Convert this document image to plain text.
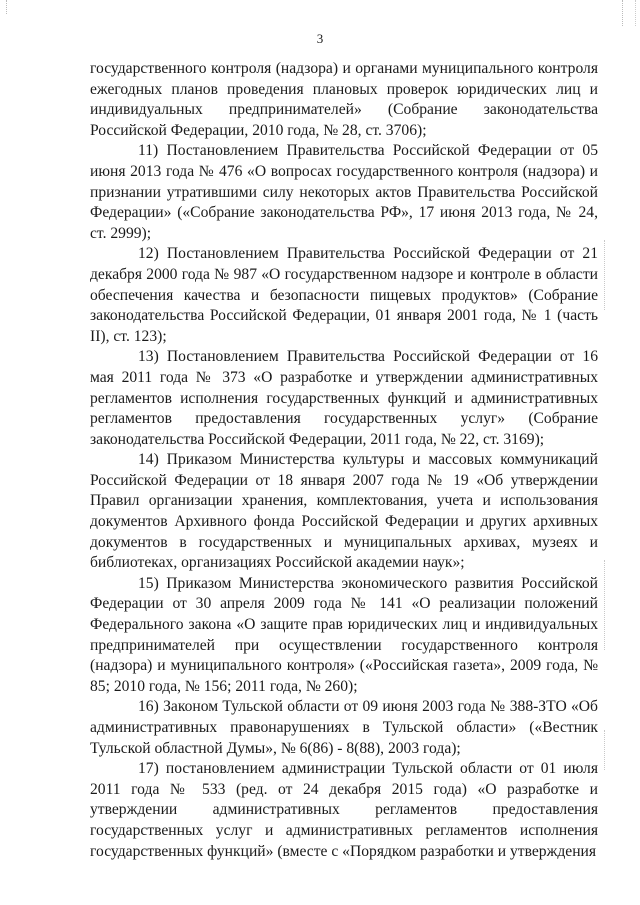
3

государственного контроля (надзора) и органами муниципального контроля ежегодных планов проведения плановых проверок юридических лиц и индивидуальных предпринимателей» (Собрание законодательства Российской Федерации, 2010 года, № 28, ст. 3706);

11) Постановлением Правительства Российской Федерации от 05 июня 2013 года № 476 «О вопросах государственного контроля (надзора) и признании утратившими силу некоторых актов Правительства Российской Федерации» («Собрание законодательства РФ», 17 июня 2013 года, № 24, ст. 2999);

12) Постановлением Правительства Российской Федерации от 21 декабря 2000 года № 987 «О государственном надзоре и контроле в области обеспечения качества и безопасности пищевых продуктов» (Собрание законодательства Российской Федерации, 01 января 2001 года, № 1 (часть II), ст. 123);

13) Постановлением Правительства Российской Федерации от 16 мая 2011 года № 373 «О разработке и утверждении административных регламентов исполнения государственных функций и административных регламентов предоставления государственных услуг» (Собрание законодательства Российской Федерации, 2011 года, № 22, ст. 3169);

14) Приказом Министерства культуры и массовых коммуникаций Российской Федерации от 18 января 2007 года № 19 «Об утверждении Правил организации хранения, комплектования, учета и использования документов Архивного фонда Российской Федерации и других архивных документов в государственных и муниципальных архивах, музеях и библиотеках, организациях Российской академии наук»;

15) Приказом Министерства экономического развития Российской Федерации от 30 апреля 2009 года № 141 «О реализации положений Федерального закона «О защите прав юридических лиц и индивидуальных предпринимателей при осуществлении государственного контроля (надзора) и муниципального контроля» («Российская газета», 2009 года, № 85; 2010 года, № 156; 2011 года, № 260);

16) Законом Тульской области от 09 июня 2003 года № 388-ЗТО «Об административных правонарушениях в Тульской области» («Вестник Тульской областной Думы», № 6(86) - 8(88), 2003 года);

17) постановлением администрации Тульской области от 01 июля 2011 года № 533 (ред. от 24 декабря 2015 года) «О разработке и утверждении административных регламентов предоставления государственных услуг и административных регламентов исполнения государственных функций» (вместе с «Порядком разработки и утверждения
